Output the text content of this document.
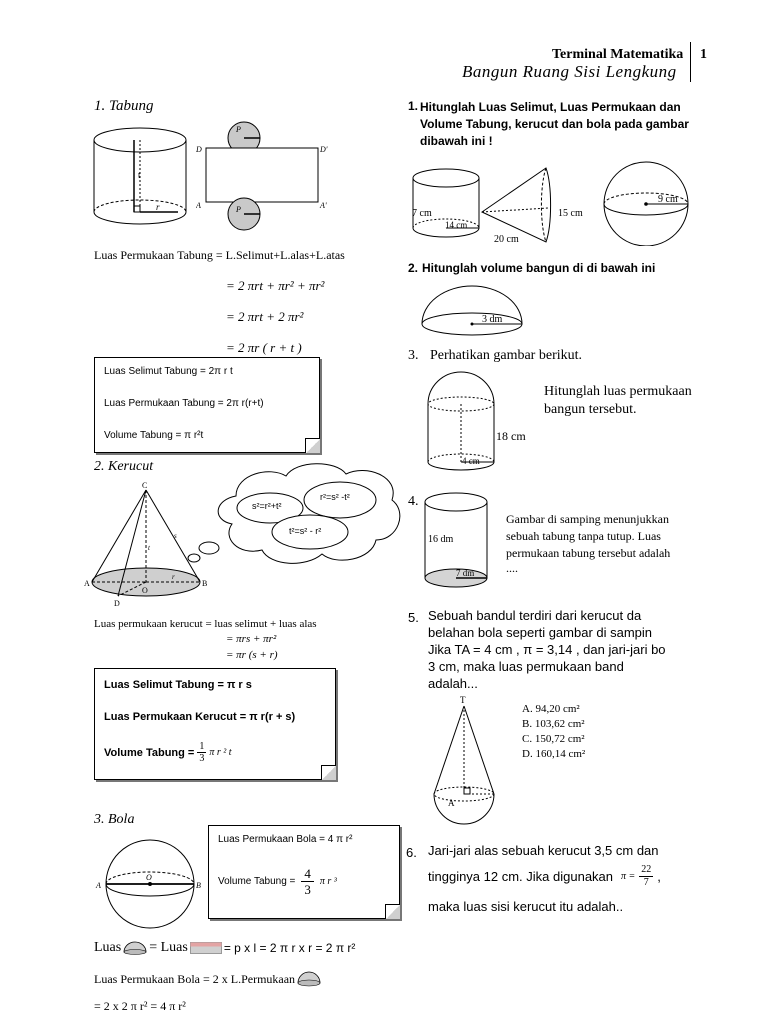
Terminal Matematika 1
Bangun Ruang Sisi Lengkung
1. Tabung
t
r
P
P
D	D'
A	A'
Luas Permukaan Tabung = L.Selimut+L.alas+L.atas
= 2 πrt + πr² + πr²
= 2 πrt + 2 πr²
= 2 πr ( r + t )
Luas Selimut Tabung = 2π r t
Luas Permukaan Tabung = 2π r(r+t)
Volume Tabung = π r²t
2. Kerucut
C
A	B
O
D
t
s
r
s²=r²+t²
r²=s² -t²
t²=s² - r²
Luas permukaan kerucut = luas selimut + luas alas
= πrs + πr²
= πr (s + r)
Luas Selimut Tabung = π r s
Luas Permukaan Kerucut = π r(r + s)
Volume Tabung = $\frac{1}{3}$ π r ² t
3. Bola
A	B
O
Luas Permukaan Bola = 4 π r²
Volume Tabung = $\frac{4}{3}$ π r ³
Luas = Luas	= p x l = 2 π r x r = 2 π r²
Luas Permukaan Bola = 2 x L.Permukaan
= 2 x 2 π r² = 4 π r²
1. Hitunglah Luas Selimut, Luas Permukaan dan Volume Tabung, kerucut dan bola pada gambar dibawah ini !
7 cm
14 cm
20 cm
15 cm
9 cm
2. Hitunglah volume bangun di di bawah ini
3 dm
3. Perhatikan gambar berikut.
18 cm
4 cm
Hitunglah luas permukaan
bangun tersebut.
4.
16 dm
7 dm
Gambar di samping menunjukkan
sebuah tabung tanpa tutup. Luas
permukaan tabung tersebut adalah
....
5. Sebuah bandul terdiri dari kerucut da
belahan bola seperti gambar di sampin
Jika TA = 4 cm , π = 3,14 , dan jari-jari bo
3 cm, maka luas permukaan band
adalah...
T
A
A. 94,20 cm²
B. 103,62 cm²
C. 150,72 cm²
D. 160,14 cm²
6. Jari-jari alas sebuah kerucut 3,5 cm dan
tingginya 12 cm. Jika digunakan $\pi = \frac{22}{7}$ ,
maka luas sisi kerucut itu adalah..
